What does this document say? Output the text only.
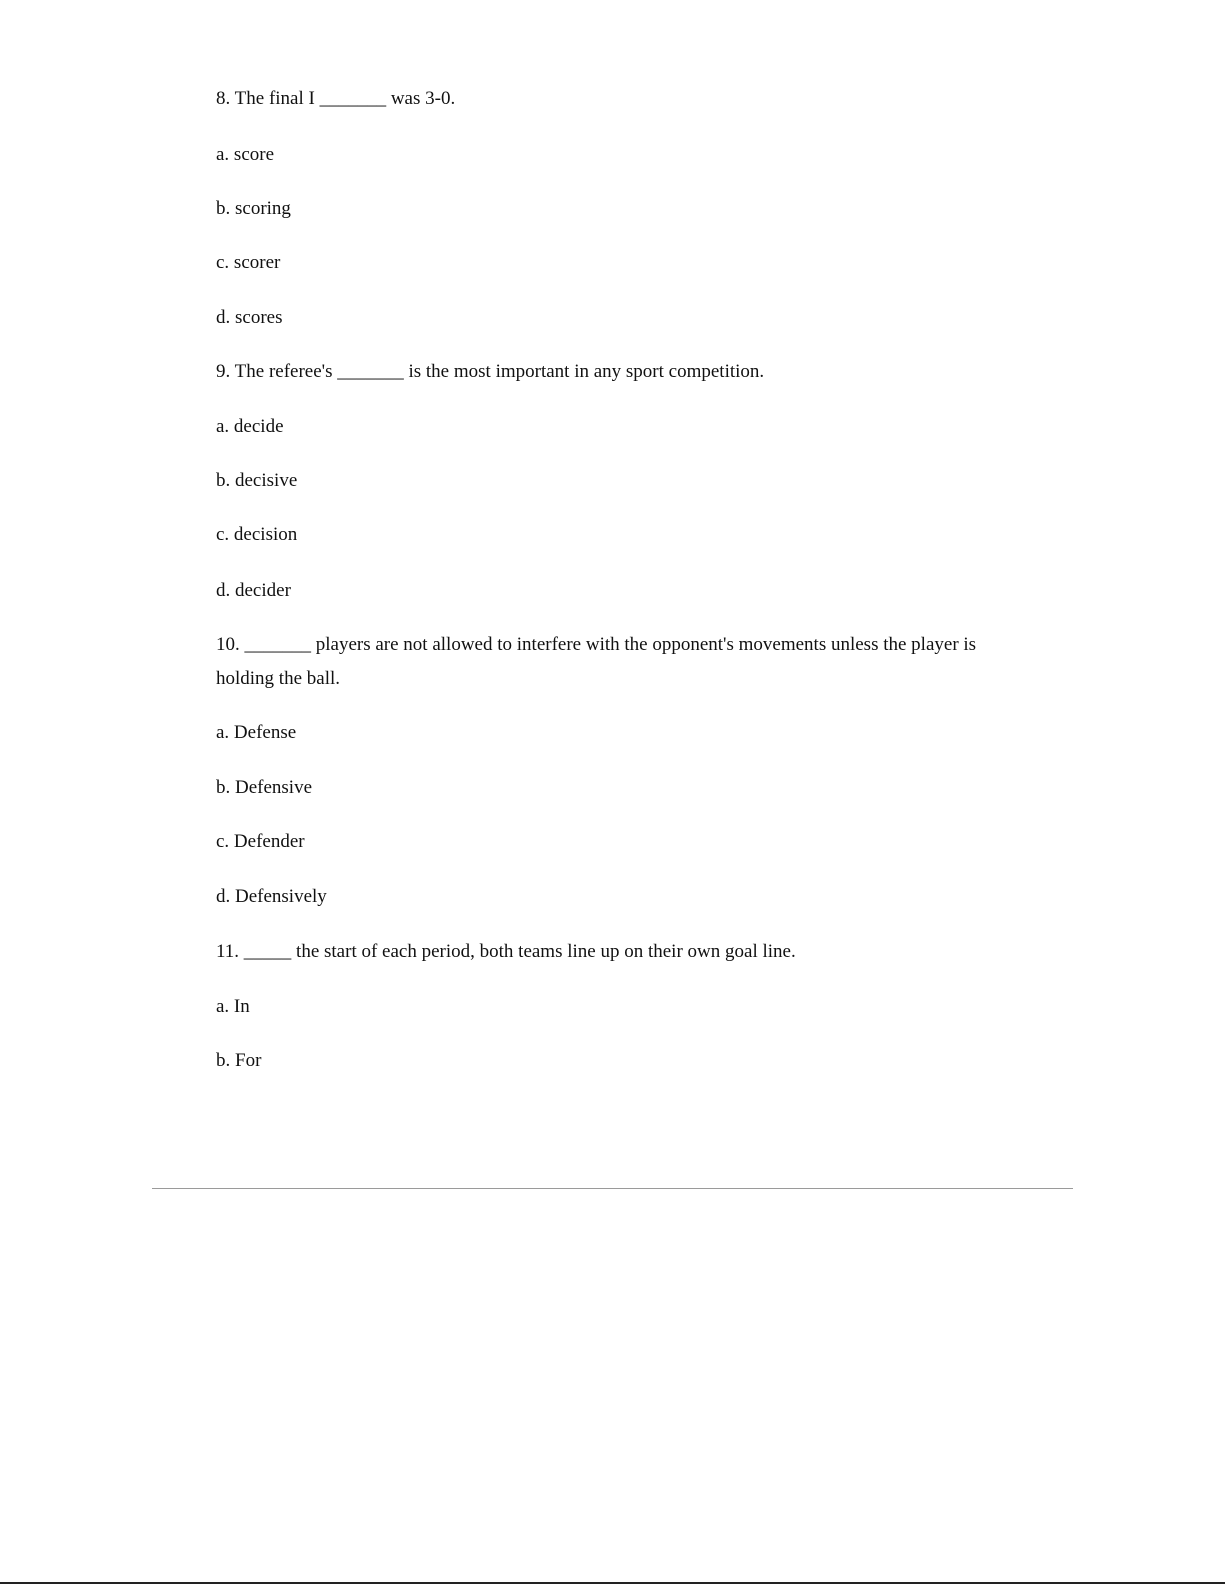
8. The final I _______ was 3-0.
a. score
b. scoring
c. scorer
d. scores
9. The referee's _______ is the most important in any sport competition.
a. decide
b. decisive
c. decision
d. decider
10. _______ players are not allowed to interfere with the opponent's movements unless the player is
holding the ball.
a. Defense
b. Defensive
c. Defender
d. Defensively
11. _____ the start of each period, both teams line up on their own goal line.
a. In
b. For
